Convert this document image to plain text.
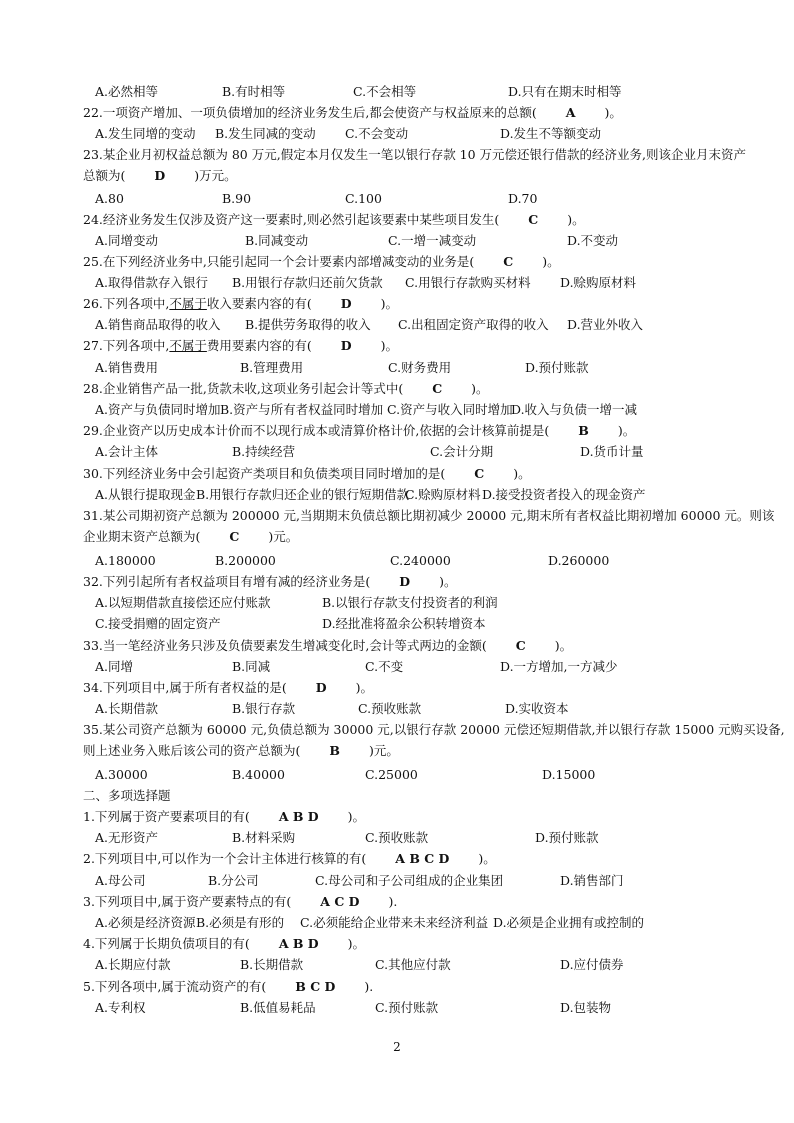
2
A.必然相等	B.有时相等	C.不会相等	D.只有在期末时相等
22.一项资产增加、一项负债增加的经济业务发生后,都会使资产与权益原来的总额(   A   )。
A.发生同增的变动 B.发生同减的变动 C.不会变动	D.发生不等额变动
23.某企业月初权益总额为 80 万元,假定本月仅发生一笔以银行存款 10 万元偿还银行借款的经济业务,则该企业月末资产
总额为(   D   )万元。
A.80	B.90	C.100	D.70
24.经济业务发生仅涉及资产这一要素时,则必然引起该要素中某些项目发生(   C   )。
A.同增变动	B.同减变动	C.一增一减变动	D.不变动
25.在下列经济业务中,只能引起同一个会计要素内部增减变动的业务是(   C   )。
A.取得借款存入银行 B.用银行存款归还前欠货款 C.用银行存款购买材料 D.赊购原材料
26.下列各项中,不属于收入要素内容的有(   D   )。
A.销售商品取得的收入 B.提供劳务取得的收入 C.出租固定资产取得的收入 D.营业外收入
27.下列各项中,不属于费用要素内容的有(   D   )。
A.销售费用	B.管理费用	C.财务费用	D.预付账款
28.企业销售产品一批,货款未收,这项业务引起会计等式中(   C   )。
A.资产与负债同时增加 B.资产与所有者权益同时增加 C.资产与收入同时增加
D.收入与负债一增一减
29.企业资产以历史成本计价而不以现行成本或清算价格计价,依据的会计核算前提是(   B   )。
A.会计主体	B.持续经营	C.会计分期	D.货币计量
30.下列经济业务中会引起资产类项目和负债类项目同时增加的是(   C   )。
A.从银行提取现金 B.用银行存款归还企业的银行短期借款
C.赊购原材料 D.接受投资者投入的现金资产
31.某公司期初资产总额为 200000 元,当期期末负债总额比期初减少 20000 元,期末所有者权益比期初增加 60000 元。则该
企业期末资产总额为(   C   )元。
A.180000	B.200000	C.240000	D.260000
32.下列引起所有者权益项目有增有减的经济业务是(   D   )。
A.以短期借款直接偿还应付账款	B.以银行存款支付投资者的利润
C.接受捐赠的固定资产	D.经批准将盈余公积转增资本
33.当一笔经济业务只涉及负债要素发生增减变化时,会计等式两边的金额(   C   )。
A.同增	B.同减	C.不变	D.一方增加,一方减少
34.下列项目中,属于所有者权益的是(   D   )。
A.长期借款	B.银行存款	C.预收账款	D.实收资本
35.某公司资产总额为 60000 元,负债总额为 30000 元,以银行存款 20000 元偿还短期借款,并以银行存款 15000 元购买设备,
则上述业务入账后该公司的资产总额为(   B   )元。
A.30000	B.40000	C.25000	D.15000
二、多项选择题
1.下列属于资产要素项目的有(   A B D   )。
A.无形资产	B.材料采购	C.预收账款	D.预付账款
2.下列项目中,可以作为一个会计主体进行核算的有(   A B C D   )。
A.母公司	B.分公司	C.母公司和子公司组成的企业集团	D.销售部门
3.下列项目中,属于资产要素特点的有(   A C D   ).
A.必须是经济资源 B.必须是有形的 C.必须能给企业带来未来经济利益 D.必须是企业拥有或控制的
4.下列属于长期负债项目的有(   A B D   )。
A.长期应付款	B.长期借款	C.其他应付款	D.应付债券
5.下列各项中,属于流动资产的有(   B C D   ).
A.专利权	B.低值易耗品	C.预付账款	D.包装物
